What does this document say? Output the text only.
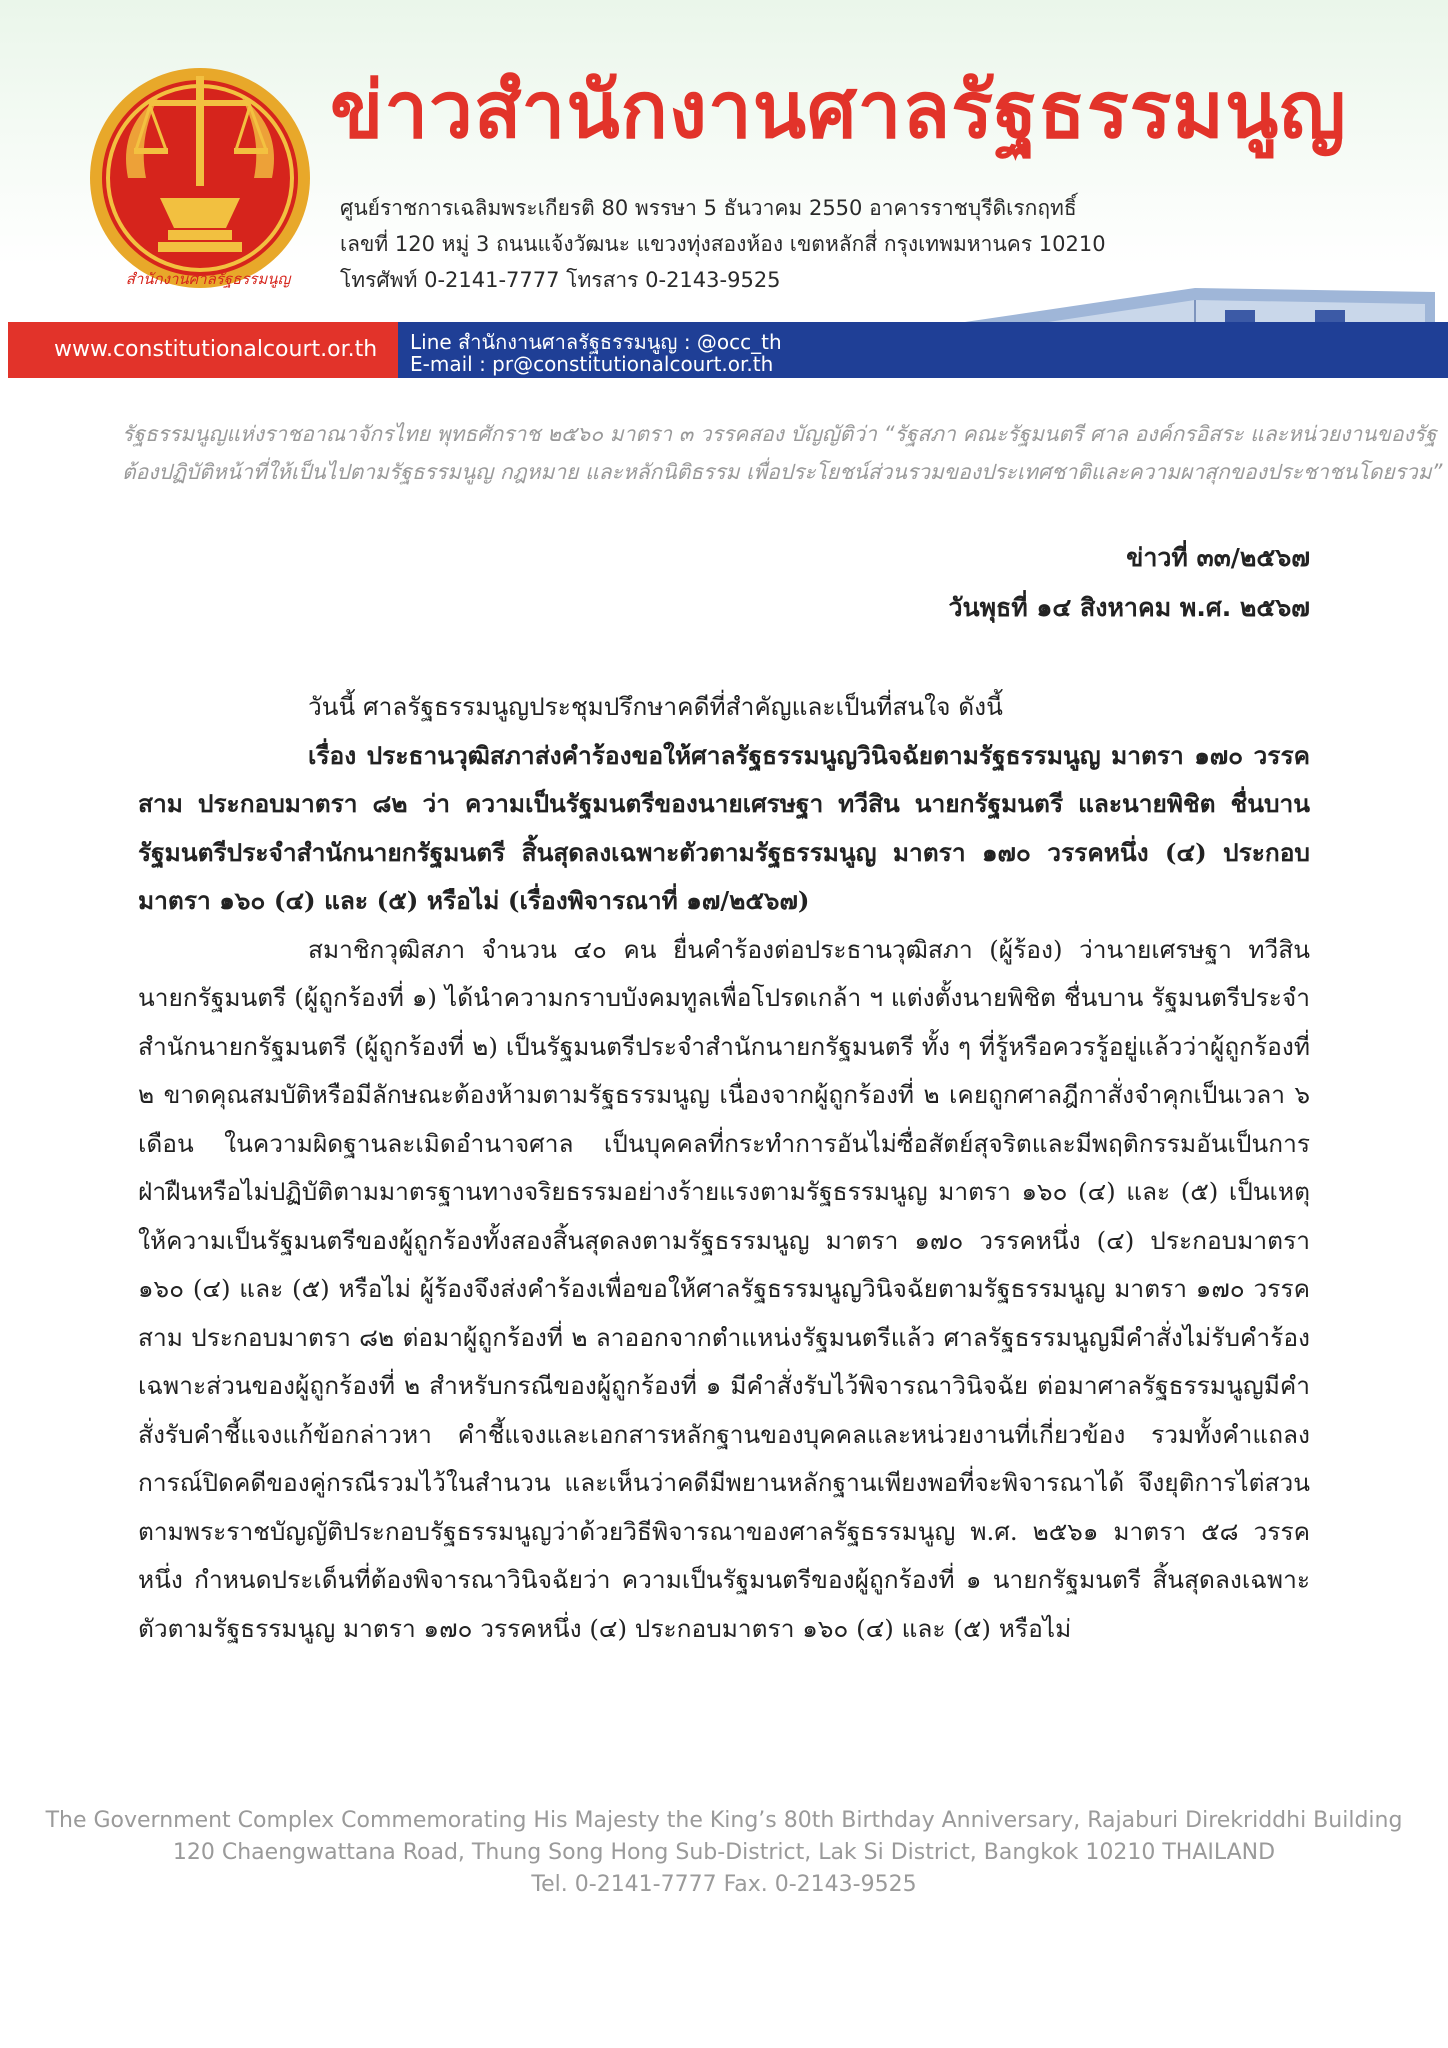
สำนักงานศาลรัฐธรรมนูญ
ข่าวสำนักงานศาลรัฐธรรมนูญ
ศูนย์ราชการเฉลิมพระเกียรติ 80 พรรษา 5 ธันวาคม 2550 อาคารราชบุรีดิเรกฤทธิ์
เลขที่ 120 หมู่ 3 ถนนแจ้งวัฒนะ แขวงทุ่งสองห้อง เขตหลักสี่ กรุงเทพมหานคร 10210
โทรศัพท์ 0-2141-7777 โทรสาร 0-2143-9525
www.constitutionalcourt.or.th	Line สำนักงานศาลรัฐธรรมนูญ : @occ_th
E-mail : pr@constitutionalcourt.or.th
รัฐธรรมนูญแห่งราชอาณาจักรไทย พุทธศักราช ๒๕๖๐ มาตรา ๓ วรรคสอง บัญญัติว่า “รัฐสภา คณะรัฐมนตรี ศาล องค์กรอิสระ และหน่วยงานของรัฐ
ต้องปฏิบัติหน้าที่ให้เป็นไปตามรัฐธรรมนูญ กฎหมาย และหลักนิติธรรม เพื่อประโยชน์ส่วนรวมของประเทศชาติและความผาสุกของประชาชนโดยรวม”
ข่าวที่ ๓๓/๒๕๖๗
วันพุธที่ ๑๔ สิงหาคม พ.ศ. ๒๕๖๗

วันนี้ ศาลรัฐธรรมนูญประชุมปรึกษาคดีที่สำคัญและเป็นที่สนใจ ดังนี้

เรื่อง ประธานวุฒิสภาส่งคำร้องขอให้ศาลรัฐธรรมนูญวินิจฉัยตามรัฐธรรมนูญ มาตรา ๑๗๐ วรรคสาม ประกอบมาตรา ๘๒ ว่า ความเป็นรัฐมนตรีของนายเศรษฐา ทวีสิน นายกรัฐมนตรี และนายพิชิต ชื่นบาน รัฐมนตรีประจำสำนักนายกรัฐมนตรี สิ้นสุดลงเฉพาะตัวตามรัฐธรรมนูญ มาตรา ๑๗๐ วรรคหนึ่ง (๔) ประกอบมาตรา ๑๖๐ (๔) และ (๕) หรือไม่ (เรื่องพิจารณาที่ ๑๗/๒๕๖๗)

สมาชิกวุฒิสภา จำนวน ๔๐ คน ยื่นคำร้องต่อประธานวุฒิสภา (ผู้ร้อง) ว่านายเศรษฐา ทวีสิน นายกรัฐมนตรี (ผู้ถูกร้องที่ ๑) ได้นำความกราบบังคมทูลเพื่อโปรดเกล้า ฯ แต่งตั้งนายพิชิต ชื่นบาน รัฐมนตรีประจำสำนักนายกรัฐมนตรี (ผู้ถูกร้องที่ ๒) เป็นรัฐมนตรีประจำสำนักนายกรัฐมนตรี ทั้ง ๆ ที่รู้หรือควรรู้อยู่แล้วว่าผู้ถูกร้องที่ ๒ ขาดคุณสมบัติหรือมีลักษณะต้องห้ามตามรัฐธรรมนูญ เนื่องจากผู้ถูกร้องที่ ๒ เคยถูกศาลฎีกาสั่งจำคุกเป็นเวลา ๖ เดือน ในความผิดฐานละเมิดอำนาจศาล เป็นบุคคลที่กระทำการอันไม่ซื่อสัตย์สุจริตและมีพฤติกรรมอันเป็นการฝ่าฝืนหรือไม่ปฏิบัติตามมาตรฐานทางจริยธรรมอย่างร้ายแรงตามรัฐธรรมนูญ มาตรา ๑๖๐ (๔) และ (๕) เป็นเหตุให้ความเป็นรัฐมนตรีของผู้ถูกร้องทั้งสองสิ้นสุดลงตามรัฐธรรมนูญ มาตรา ๑๗๐ วรรคหนึ่ง (๔) ประกอบมาตรา ๑๖๐ (๔) และ (๕) หรือไม่ ผู้ร้องจึงส่งคำร้องเพื่อขอให้ศาลรัฐธรรมนูญวินิจฉัยตามรัฐธรรมนูญ มาตรา ๑๗๐ วรรคสาม ประกอบมาตรา ๘๒ ต่อมาผู้ถูกร้องที่ ๒ ลาออกจากตำแหน่งรัฐมนตรีแล้ว ศาลรัฐธรรมนูญมีคำสั่งไม่รับคำร้องเฉพาะส่วนของผู้ถูกร้องที่ ๒ สำหรับกรณีของผู้ถูกร้องที่ ๑ มีคำสั่งรับไว้พิจารณาวินิจฉัย ต่อมาศาลรัฐธรรมนูญมีคำสั่งรับคำชี้แจงแก้ข้อกล่าวหา คำชี้แจงและเอกสารหลักฐานของบุคคลและหน่วยงานที่เกี่ยวข้อง รวมทั้งคำแถลงการณ์ปิดคดีของคู่กรณีรวมไว้ในสำนวน และเห็นว่าคดีมีพยานหลักฐานเพียงพอที่จะพิจารณาได้ จึงยุติการไต่สวนตามพระราชบัญญัติประกอบรัฐธรรมนูญว่าด้วยวิธีพิจารณาของศาลรัฐธรรมนูญ พ.ศ. ๒๕๖๑ มาตรา ๕๘ วรรคหนึ่ง กำหนดประเด็นที่ต้องพิจารณาวินิจฉัยว่า ความเป็นรัฐมนตรีของผู้ถูกร้องที่ ๑ นายกรัฐมนตรี สิ้นสุดลงเฉพาะตัวตามรัฐธรรมนูญ มาตรา ๑๗๐ วรรคหนึ่ง (๔) ประกอบมาตรา ๑๖๐ (๔) และ (๕) หรือไม่

The Government Complex Commemorating His Majesty the King’s 80th Birthday Anniversary, Rajaburi Direkriddhi Building
120 Chaengwattana Road, Thung Song Hong Sub-District, Lak Si District, Bangkok 10210 THAILAND
Tel. 0-2141-7777 Fax. 0-2143-9525
